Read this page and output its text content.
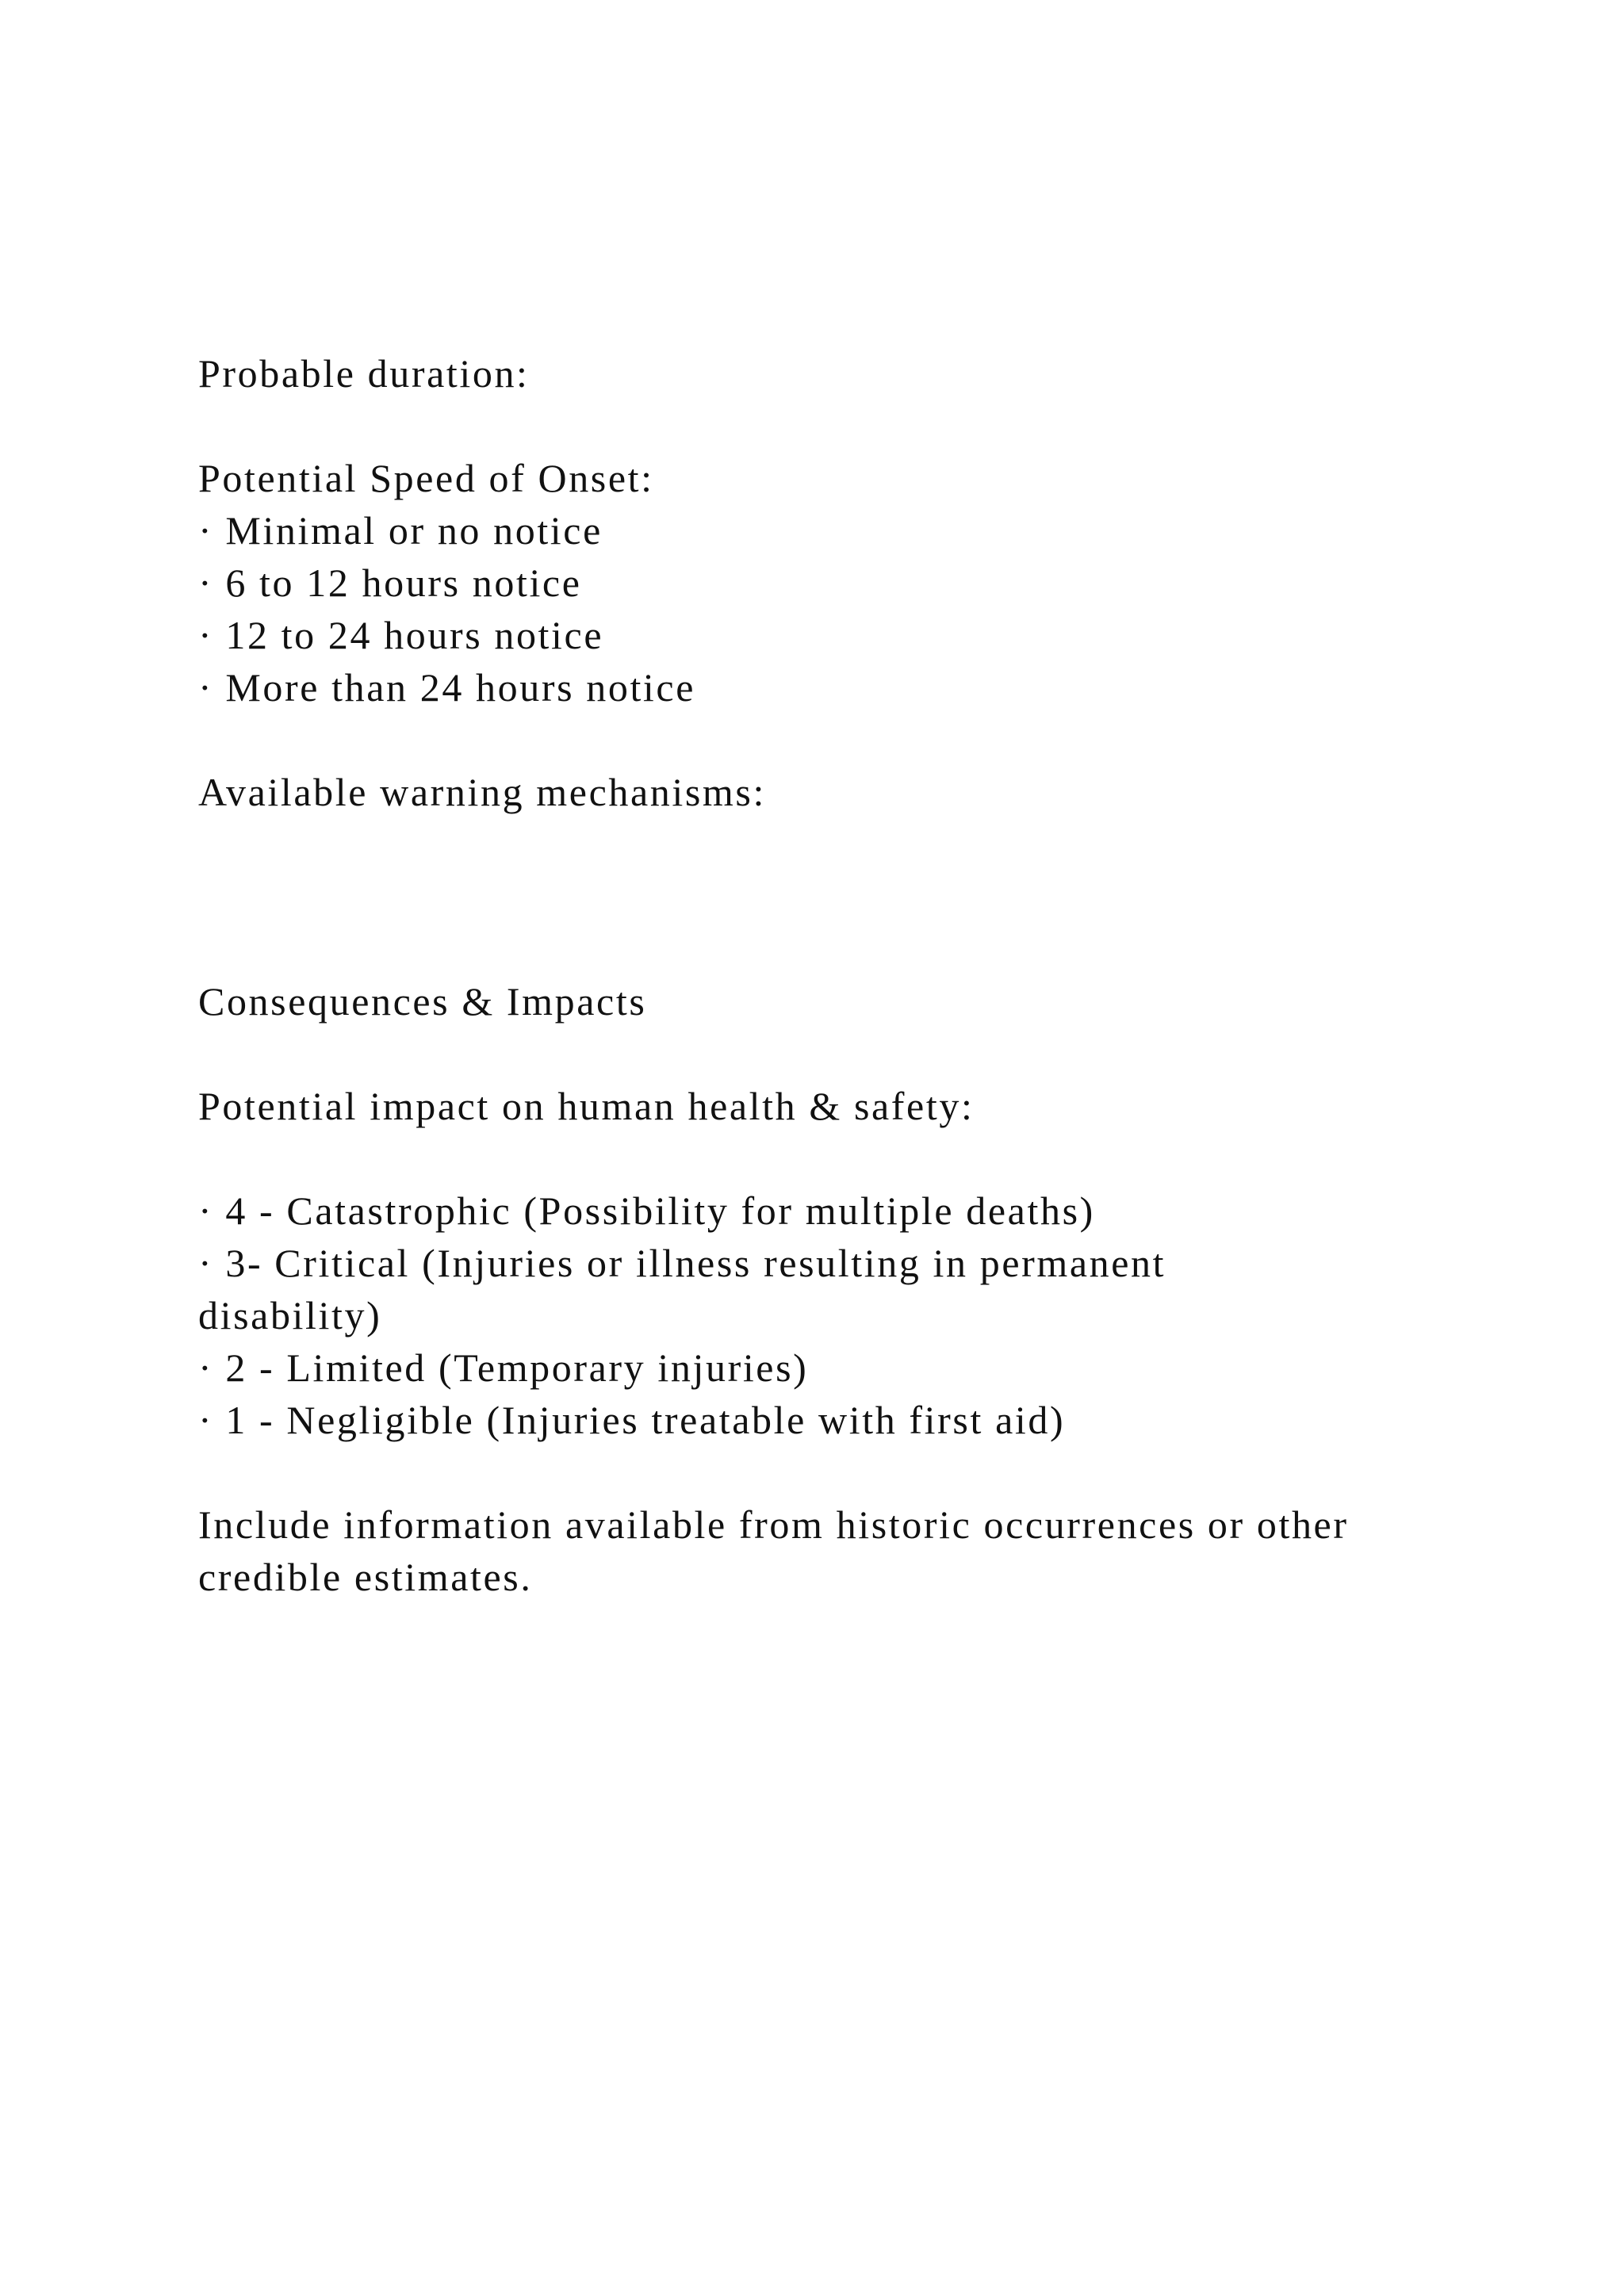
Probable duration:
Potential Speed of Onset:
· Minimal or no notice
· 6 to 12 hours notice
· 12 to 24 hours notice
· More than 24 hours notice
Available warning mechanisms:
Consequences & Impacts
Potential impact on human health & safety:
· 4 - Catastrophic (Possibility for multiple deaths)
· 3- Critical (Injuries or illness resulting in permanent
disability)
· 2 - Limited (Temporary injuries)
· 1 - Negligible (Injuries treatable with first aid)
Include information available from historic occurrences or other
credible estimates.
